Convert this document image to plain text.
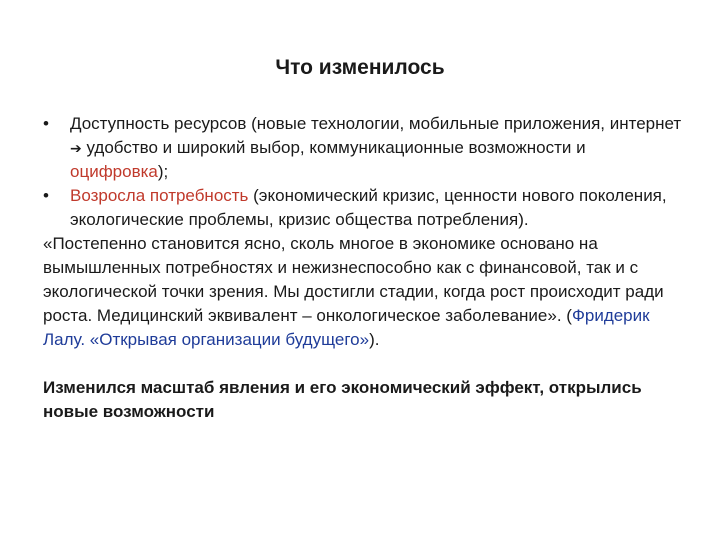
Что изменилось
• Доступность ресурсов (новые технологии, мобильные приложения, интернет ➔ удобство и широкий выбор, коммуникационные возможности и оцифровка);
• Возросла потребность (экономический кризис, ценности нового поколения, экологические проблемы, кризис общества потребления).
«Постепенно становится ясно, сколь многое в экономике основано на вымышленных потребностях и нежизнеспособно как с финансовой, так и с экологической точки зрения. Мы достигли стадии, когда рост происходит ради роста. Медицинский эквивалент – онкологическое заболевание». (Фридерик Лалу. «Открывая организации будущего»).
Изменился масштаб явления и его экономический эффект, открылись новые возможности
